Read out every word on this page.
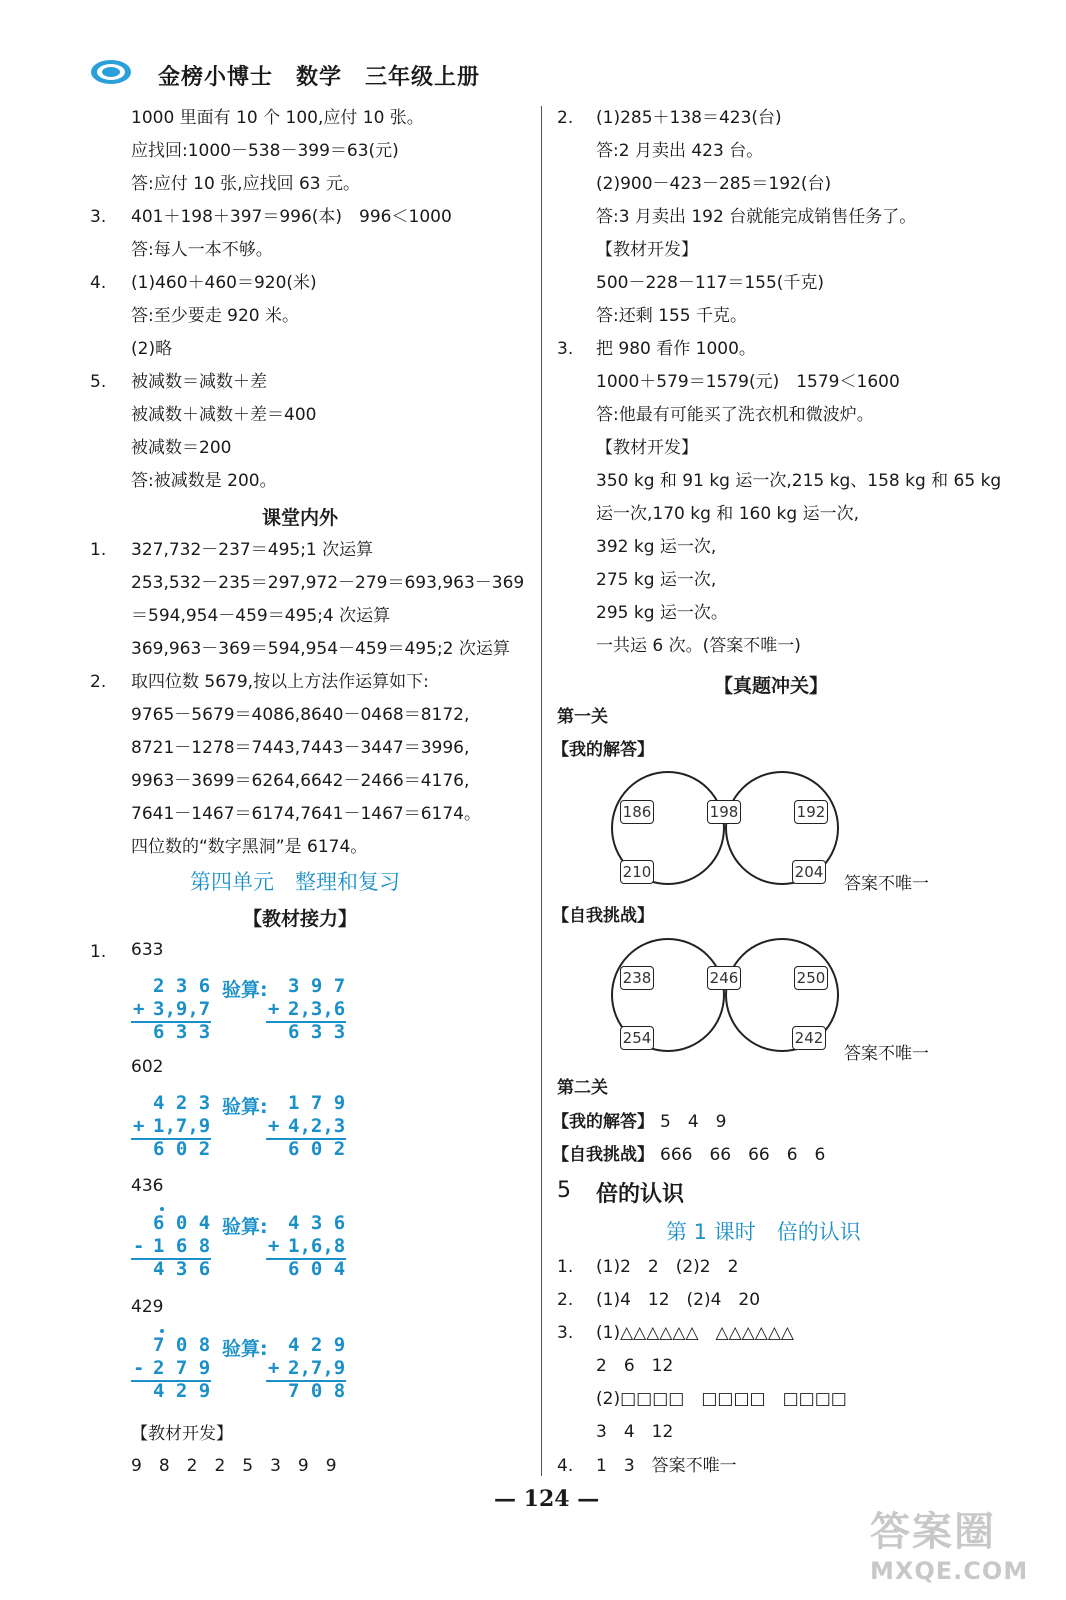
金榜小博士　数学　三年级上册
1000 里面有 10 个 100,应付 10 张。
应找回:1000－538－399＝63(元)
答:应付 10 张,应找回 63 元。
3. 401＋198＋397＝996(本)　996＜1000
答:每人一本不够。
4. (1)460＋460＝920(米)
答:至少要走 920 米。
(2)略
5. 被减数＝减数＋差
被减数＋减数＋差＝400
被减数＝200
答:被减数是 200。
课堂内外
1. 327,732－237＝495;1 次运算
253,532－235＝297,972－279＝693,963－369
＝594,954－459＝495;4 次运算
369,963－369＝594,954－459＝495;2 次运算
2. 取四位数 5679,按以上方法作运算如下:
9765－5679＝4086,8640－0468＝8172,
8721－1278＝7443,7443－3447＝3996,
9963－3699＝6264,6642－2466＝4176,
7641－1467＝6174,7641－1467＝6174。
四位数的“数字黑洞”是 6174。
第四单元　整理和复习
【教材接力】
1. 633
2 3 6
+ 3,9,7
6 3 3
验算: 3 9 7
+ 2,3,6
6 3 3
602
4 2 3
+ 1,7,9
6 0 2
验算: 1 7 9
+ 4,2,3
6 0 2
436
6 0 4
- 1 6 8
4 3 6
验算: 4 3 6
+ 1,6,8
6 0 4
429
7 0 8
- 2 7 9
4 2 9
验算: 4 2 9
+ 2,7,9
7 0 8
【教材开发】
9　8　2　2　5　3　9　9
2. (1)285＋138＝423(台)
答:2 月卖出 423 台。
(2)900－423－285＝192(台)
答:3 月卖出 192 台就能完成销售任务了。
【教材开发】
500－228－117＝155(千克)
答:还剩 155 千克。
3. 把 980 看作 1000。
1000＋579＝1579(元)　1579＜1600
答:他最有可能买了洗衣机和微波炉。
【教材开发】
350 kg 和 91 kg 运一次,215 kg、158 kg 和 65 kg
运一次,170 kg 和 160 kg 运一次,
392 kg 运一次,
275 kg 运一次,
295 kg 运一次。
一共运 6 次。(答案不唯一)
【真题冲关】
第一关
【我的解答】
186	198	192
210	204
答案不唯一
【自我挑战】
238	246	250
254	242
答案不唯一
第二关
【我的解答】 5　4　9
【自我挑战】 666　66　66　6　6
5 倍的认识
第 1 课时　倍的认识
1. (1)2　2　(2)2　2
2. (1)4　12　(2)4　20
3. (1)△△△△△△　△△△△△△
2　6　12
(2)□□□□　□□□□　□□□□
3　4　12
4. 1　3　答案不唯一
— 124 —
答案圈
MXQE.COM
